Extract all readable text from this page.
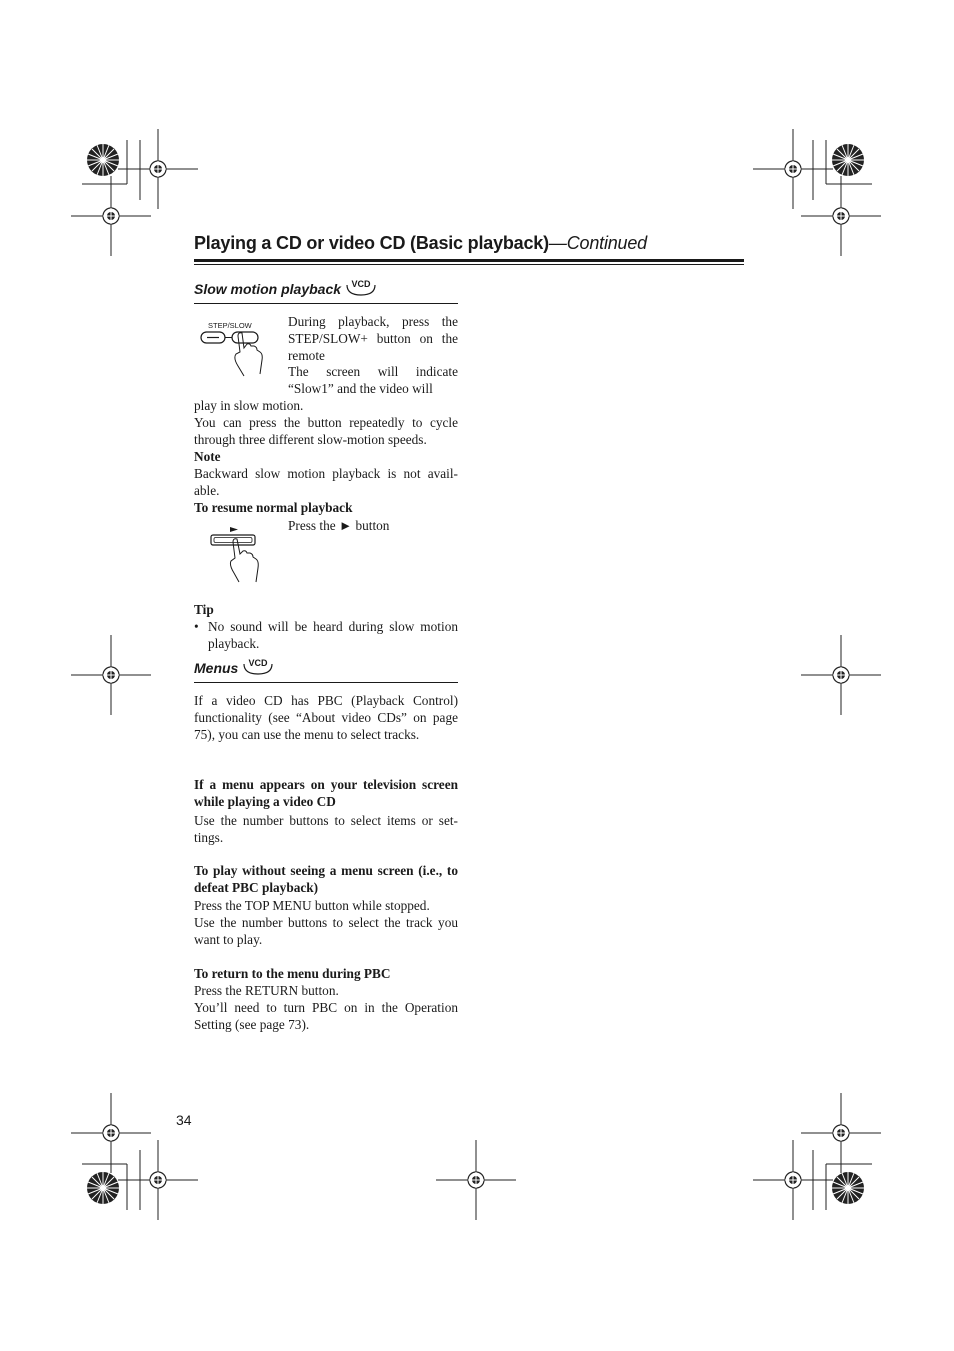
Playing a CD or video CD (Basic playback)—Continued
Slow motion playback VCD
STEP/SLOW	During playback, press the STEP/SLOW+ button on the remote
The screen will indicate “Slow1” and the video will
play in slow motion.
You can press the button repeatedly to cycle through three different slow-motion speeds.
Note
Backward slow motion playback is not avail-able.
To resume normal playback
Press the ► button
Tip
• No sound will be heard during slow motion playback.
Menus VCD
If a video CD has PBC (Playback Control) functionality (see “About video CDs” on page 75), you can use the menu to select tracks.
If a menu appears on your television screen while playing a video CD
Use the number buttons to select items or set-tings.
To play without seeing a menu screen (i.e., to defeat PBC playback)
Press the TOP MENU button while stopped.
Use the number buttons to select the track you want to play.
To return to the menu during PBC
Press the RETURN button.
You’ll need to turn PBC on in the Operation Setting (see page 73).
34
